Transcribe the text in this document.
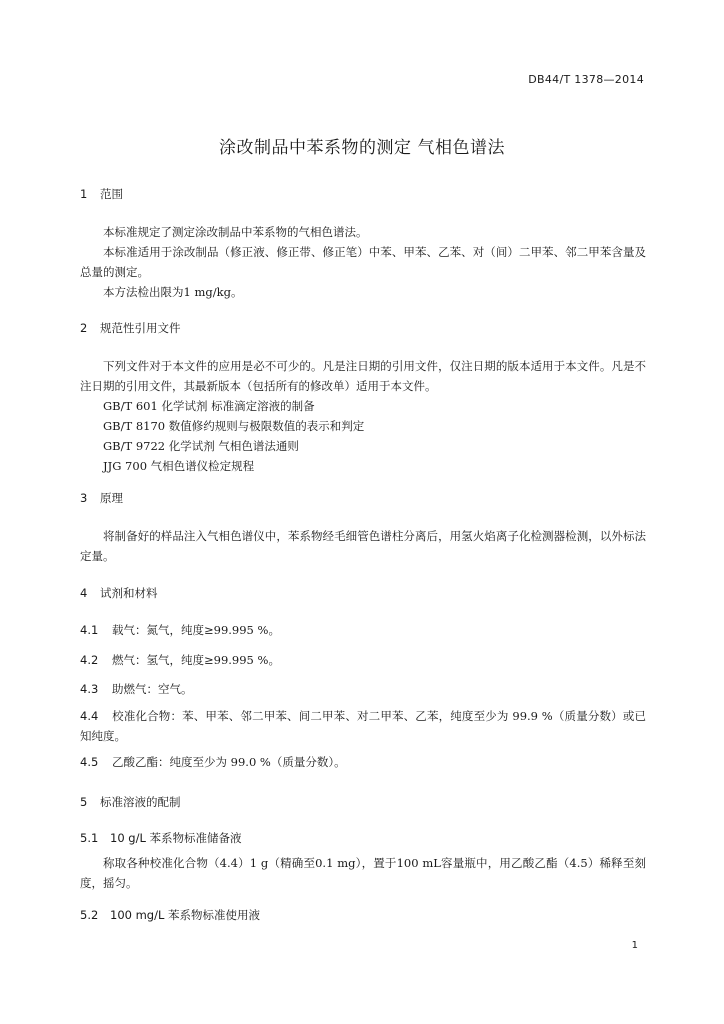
DB44/T 1378—2014
涂改制品中苯系物的测定 气相色谱法
1 范围
本标准规定了测定涂改制品中苯系物的气相色谱法。
本标准适用于涂改制品（修正液、修正带、修正笔）中苯、甲苯、乙苯、对（间）二甲苯、邻二甲苯含量及总量的测定。
本方法检出限为1 mg/kg。
2 规范性引用文件
下列文件对于本文件的应用是必不可少的。凡是注日期的引用文件，仅注日期的版本适用于本文件。凡是不注日期的引用文件，其最新版本（包括所有的修改单）适用于本文件。
GB/T 601 化学试剂 标准滴定溶液的制备
GB/T 8170 数值修约规则与极限数值的表示和判定
GB/T 9722 化学试剂 气相色谱法通则
JJG 700 气相色谱仪检定规程
3 原理
将制备好的样品注入气相色谱仪中，苯系物经毛细管色谱柱分离后，用氢火焰离子化检测器检测，以外标法定量。
4 试剂和材料
4.1 载气：氮气，纯度≥99.995 %。
4.2 燃气：氢气，纯度≥99.995 %。
4.3 助燃气：空气。
4.4 校准化合物：苯、甲苯、邻二甲苯、间二甲苯、对二甲苯、乙苯，纯度至少为 99.9 %（质量分数）或已知纯度。
4.5 乙酸乙酯：纯度至少为 99.0 %（质量分数）。
5 标准溶液的配制
5.1 10 g/L 苯系物标准储备液
称取各种校准化合物（4.4）1 g（精确至0.1 mg），置于100 mL容量瓶中，用乙酸乙酯（4.5）稀释至刻度，摇匀。
5.2 100 mg/L 苯系物标准使用液
1
